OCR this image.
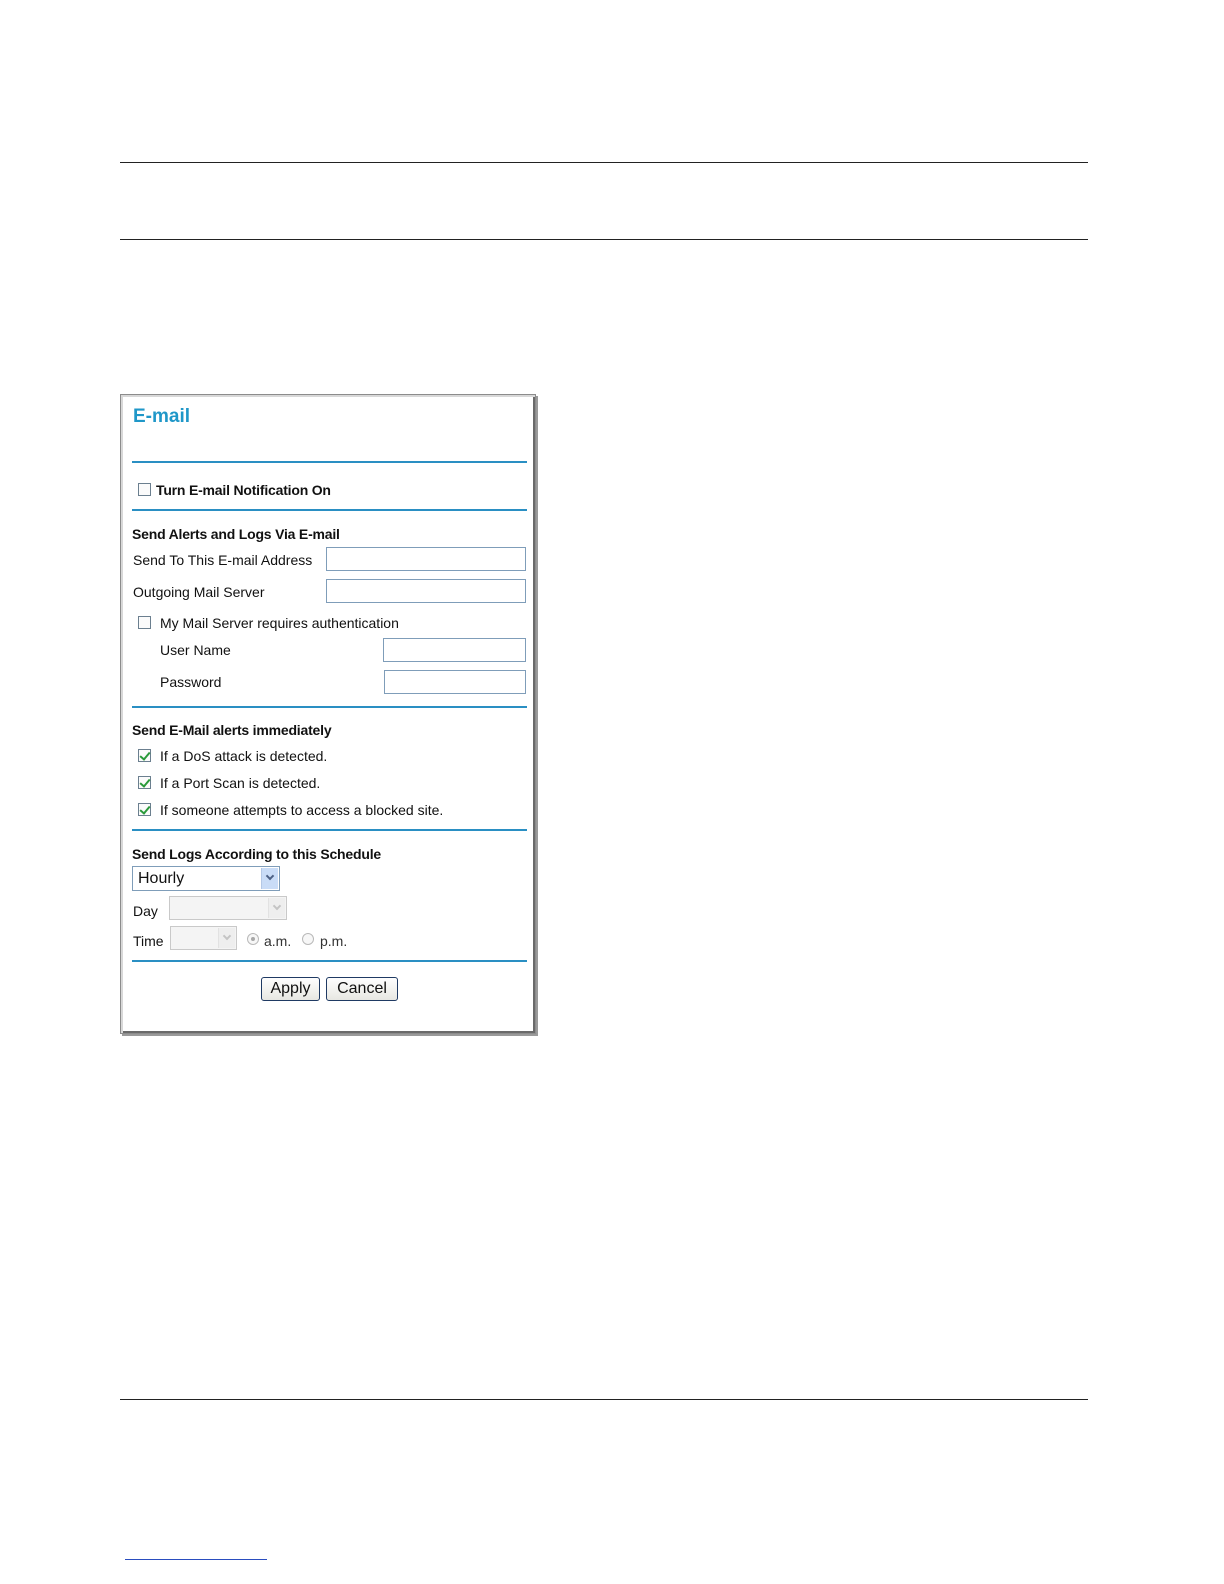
E-mail
Turn E-mail Notification On
Send Alerts and Logs Via E-mail
Send To This E-mail Address
Outgoing Mail Server
My Mail Server requires authentication
User Name
Password
Send E-Mail alerts immediately
If a DoS attack is detected.
If a Port Scan is detected.
If someone attempts to access a blocked site.
Send Logs According to this Schedule
Hourly
Day
Time	a.m. p.m.
Apply	Cancel
